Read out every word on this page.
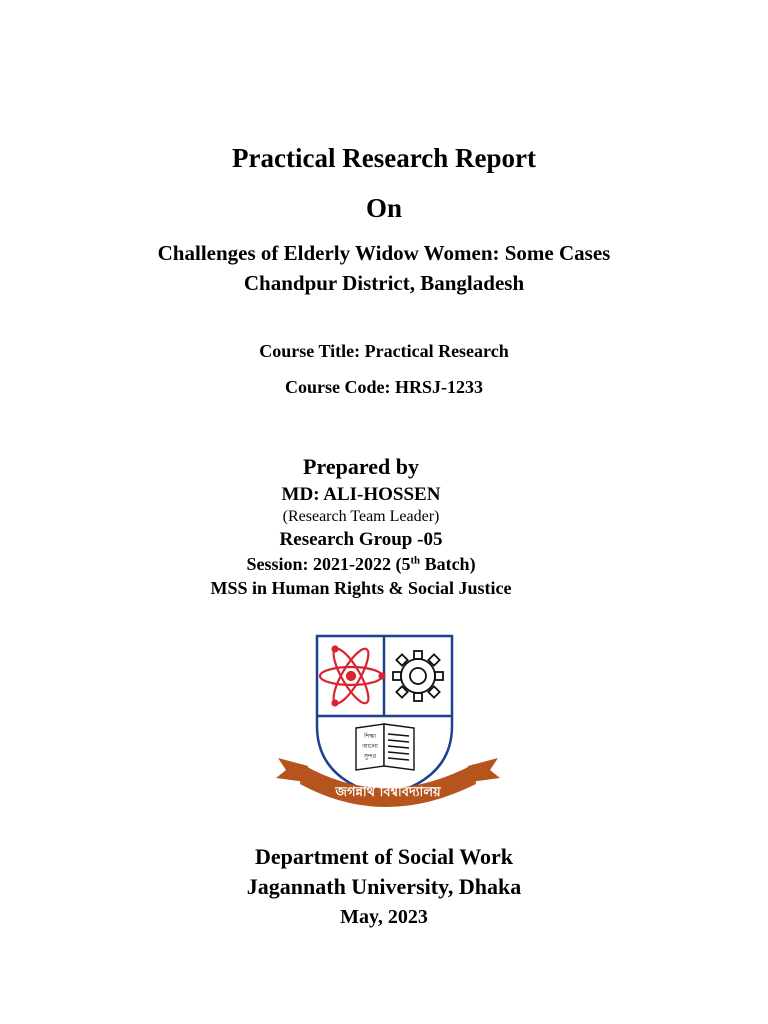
Practical Research Report
On
Challenges of Elderly Widow Women: Some Cases
Chandpur District, Bangladesh
Course Title: Practical Research
Course Code: HRSJ-1233
Prepared by
MD: ALI-HOSSEN
(Research Team Leader)
Research Group -05
Session: 2021-2022 (5th Batch)
MSS in Human Rights & Social Justice
শিক্ষা
আলো
সুন্দর
জগন্নাথ বিশ্ববিদ্যালয়
Department of Social Work
Jagannath University, Dhaka
May, 2023
